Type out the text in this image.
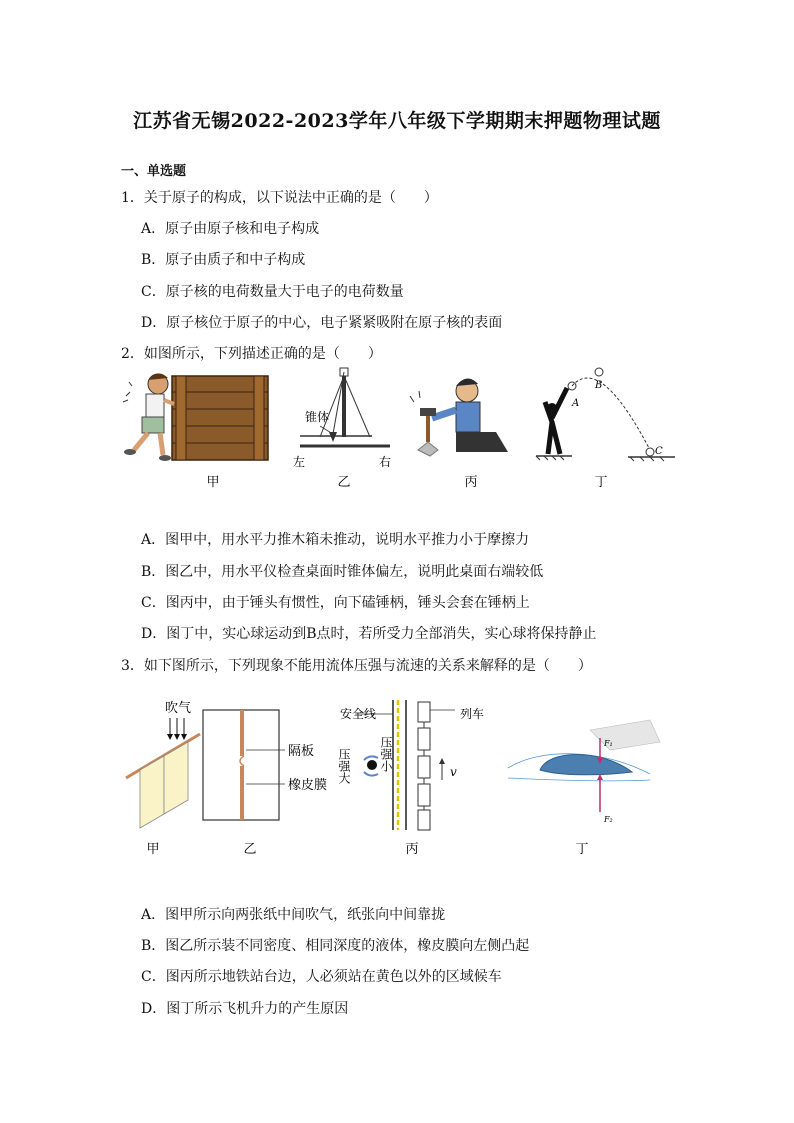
江苏省无锡2022-2023学年八年级下学期期末押题物理试题
一、单选题
1．关于原子的构成，以下说法中正确的是（　　）
A．原子由原子核和电子构成
B．原子由质子和中子构成
C．原子核的电荷数量大于电子的电荷数量
D．原子核位于原子的中心，电子紧紧吸附在原子核的表面
2．如图所示，下列描述正确的是（　　）
甲
锥体
左	右
乙	丙
A
B
C
丁
A．图甲中，用水平力推木箱未推动，说明水平推力小于摩擦力
B．图乙中，用水平仪检查桌面时锥体偏左，说明此桌面右端较低
C．图丙中，由于锤头有惯性，向下磕锤柄，锤头会套在锤柄上
D．图丁中，实心球运动到B点时，若所受力全部消失，实心球将保持静止
3．如下图所示，下列现象不能用流体压强与流速的关系来解释的是（　　）
吹气
甲
隔板
橡皮膜
乙
安全线	列车
压强大 压强小	v
丙
F₁
F₂
丁
A．图甲所示向两张纸中间吹气，纸张向中间靠拢
B．图乙所示装不同密度、相同深度的液体，橡皮膜向左侧凸起
C．图丙所示地铁站台边，人必须站在黄色以外的区域候车
D．图丁所示飞机升力的产生原因
